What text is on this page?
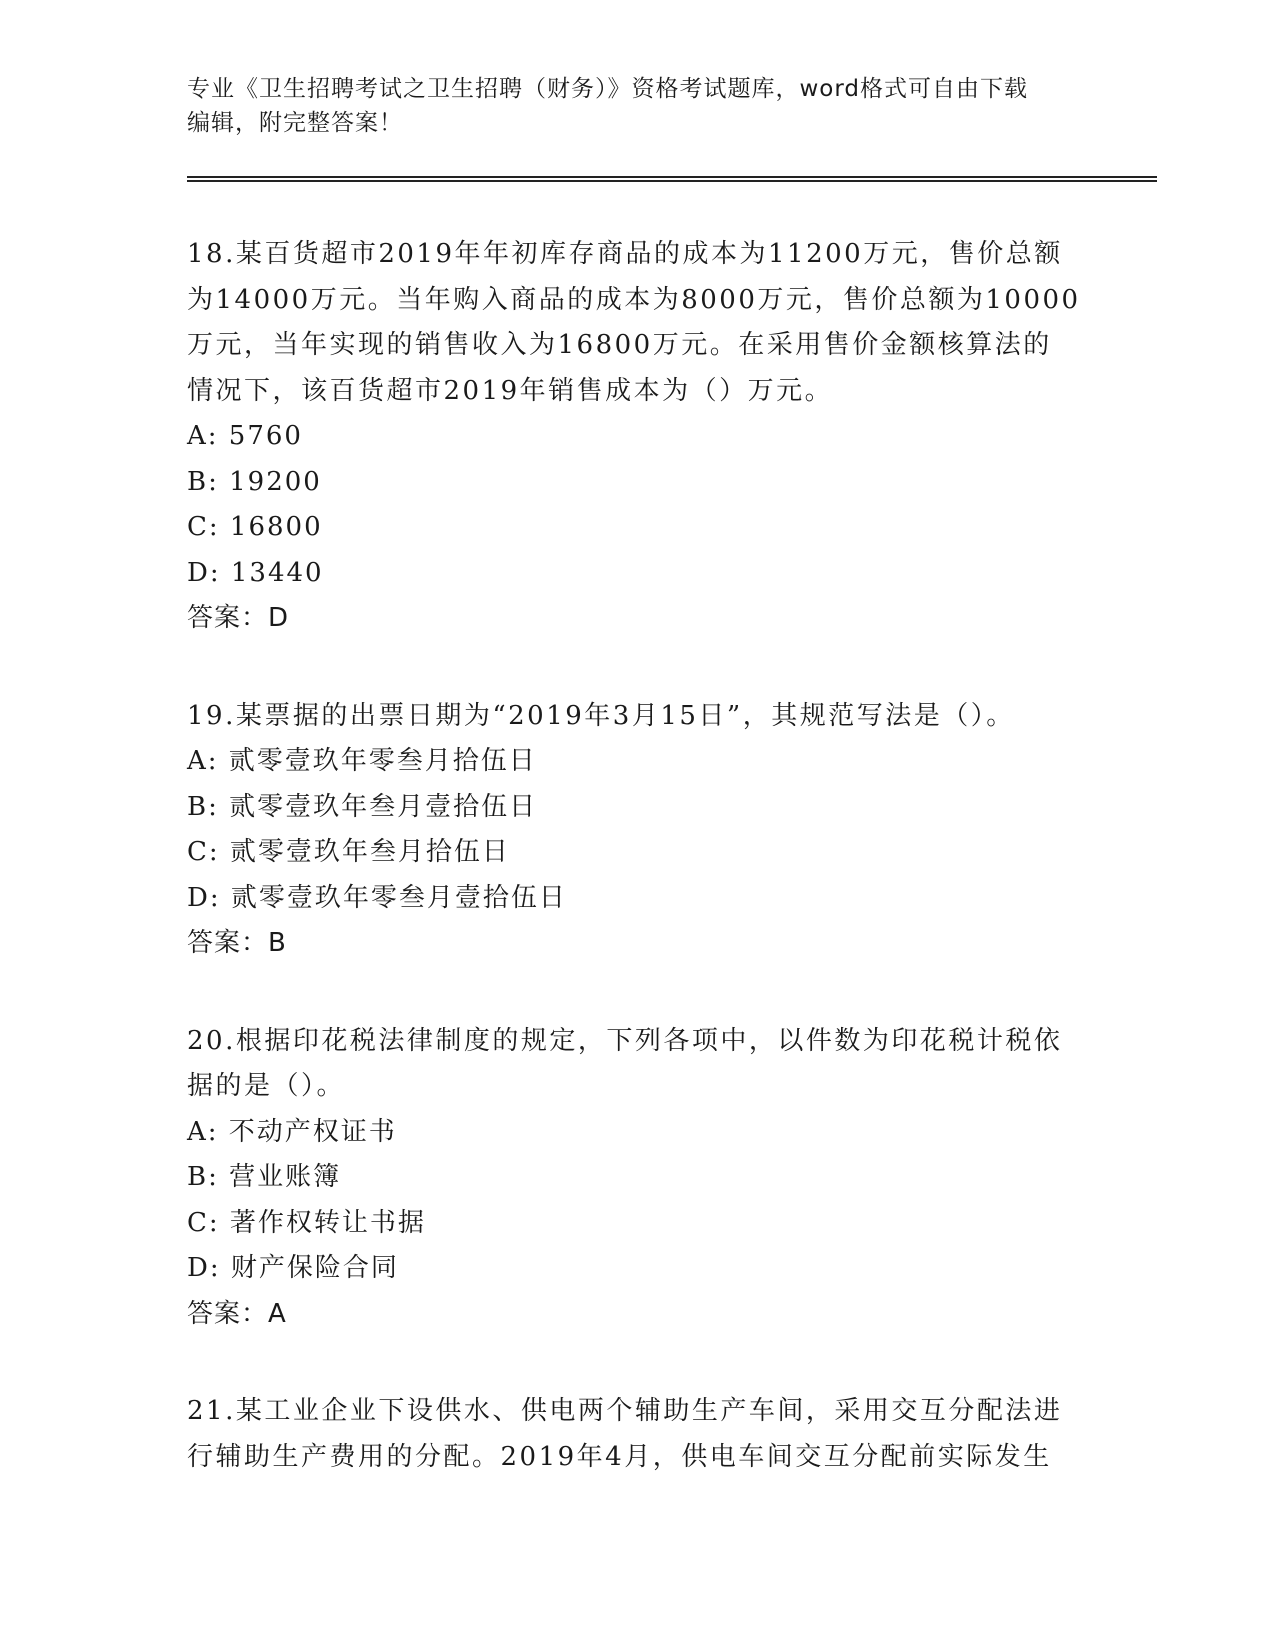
专业《卫生招聘考试之卫生招聘（财务）》资格考试题库，word格式可自由下载
编辑，附完整答案！

18.某百货超市2019年年初库存商品的成本为11200万元，售价总额

为14000万元。当年购入商品的成本为8000万元，售价总额为10000

万元，当年实现的销售收入为16800万元。在采用售价金额核算法的

情况下，该百货超市2019年销售成本为（）万元。

A: 5760

B: 19200

C: 16800

D: 13440

答案：D

19.某票据的出票日期为“2019年3月15日”，其规范写法是（）。

A: 贰零壹玖年零叁月拾伍日

B: 贰零壹玖年叁月壹拾伍日

C: 贰零壹玖年叁月拾伍日

D: 贰零壹玖年零叁月壹拾伍日

答案：B

20.根据印花税法律制度的规定，下列各项中，以件数为印花税计税依

据的是（）。

A: 不动产权证书

B: 营业账簿

C: 著作权转让书据

D: 财产保险合同

答案：A

21.某工业企业下设供水、供电两个辅助生产车间，采用交互分配法进

行辅助生产费用的分配。2019年4月，供电车间交互分配前实际发生
